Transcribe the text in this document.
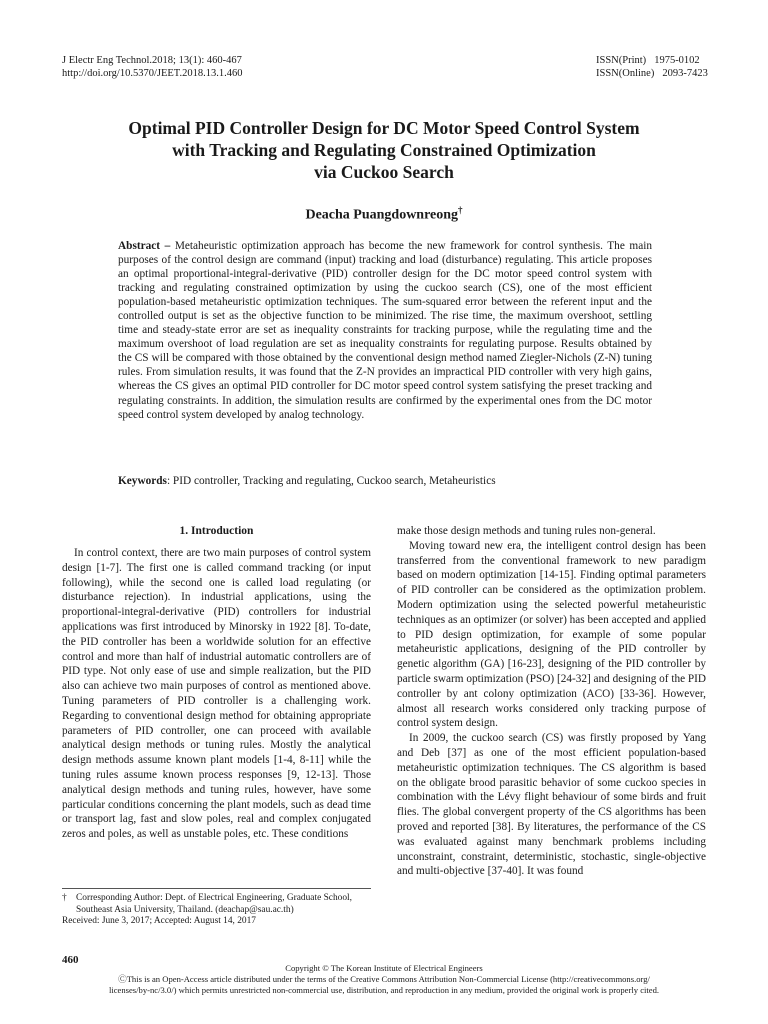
J Electr Eng Technol.2018; 13(1): 460-467
http://doi.org/10.5370/JEET.2018.13.1.460
ISSN(Print) 1975-0102
ISSN(Online) 2093-7423
Optimal PID Controller Design for DC Motor Speed Control System
with Tracking and Regulating Constrained Optimization
via Cuckoo Search
Deacha Puangdownreong†

Abstract – Metaheuristic optimization approach has become the new framework for control synthesis. The main purposes of the control design are command (input) tracking and load (disturbance) regulating. This article proposes an optimal proportional-integral-derivative (PID) controller design for the DC motor speed control system with tracking and regulating constrained optimization by using the cuckoo search (CS), one of the most efficient population-based metaheuristic optimization techniques. The sum-squared error between the referent input and the controlled output is set as the objective function to be minimized. The rise time, the maximum overshoot, settling time and steady-state error are set as inequality constraints for tracking purpose, while the regulating time and the maximum overshoot of load regulation are set as inequality constraints for regulating purpose. Results obtained by the CS will be compared with those obtained by the conventional design method named Ziegler-Nichols (Z-N) tuning rules. From simulation results, it was found that the Z-N provides an impractical PID controller with very high gains, whereas the CS gives an optimal PID controller for DC motor speed control system satisfying the preset tracking and regulating constraints. In addition, the simulation results are confirmed by the experimental ones from the DC motor speed control system developed by analog technology.

Keywords: PID controller, Tracking and regulating, Cuckoo search, Metaheuristics
1. Introduction

In control context, there are two main purposes of control system design [1-7]. The first one is called command tracking (or input following), while the second one is called load regulating (or disturbance rejection). In industrial applications, using the proportional-integral-derivative (PID) controllers for industrial applications was first introduced by Minorsky in 1922 [8]. To-date, the PID controller has been a worldwide solution for an effective control and more than half of industrial automatic controllers are of PID type. Not only ease of use and simple realization, but the PID also can achieve two main purposes of control as mentioned above. Tuning parameters of PID controller is a challenging work. Regarding to conventional design method for obtaining appropriate parameters of PID controller, one can proceed with available analytical design methods or tuning rules. Mostly the analytical design methods assume known plant models [1-4, 8-11] while the tuning rules assume known process responses [9, 12-13]. Those analytical design methods and tuning rules, however, have some particular conditions concerning the plant models, such as dead time or transport lag, fast and slow poles, real and complex conjugated zeros and poles, as well as unstable poles, etc. These conditions

make those design methods and tuning rules non-general.

Moving toward new era, the intelligent control design has been transferred from the conventional framework to new paradigm based on modern optimization [14-15]. Finding optimal parameters of PID controller can be considered as the optimization problem. Modern optimization using the selected powerful metaheuristic techniques as an optimizer (or solver) has been accepted and applied to PID design optimization, for example of some popular metaheuristic applications, designing of the PID controller by genetic algorithm (GA) [16-23], designing of the PID controller by particle swarm optimization (PSO) [24-32] and designing of the PID controller by ant colony optimization (ACO) [33-36]. However, almost all research works considered only tracking purpose of control system design.

In 2009, the cuckoo search (CS) was firstly proposed by Yang and Deb [37] as one of the most efficient population-based metaheuristic optimization techniques. The CS algorithm is based on the obligate brood parasitic behavior of some cuckoo species in combination with the Lévy flight behaviour of some birds and fruit flies. The global convergent property of the CS algorithms has been proved and reported [38]. By literatures, the performance of the CS was evaluated against many benchmark problems including unconstraint, constraint, deterministic, stochastic, single-objective and multi-objective [37-40]. It was found

† Corresponding Author: Dept. of Electrical Engineering, Graduate School, Southeast Asia University, Thailand. (deachap@sau.ac.th)
Received: June 3, 2017; Accepted: August 14, 2017
460
Copyright © The Korean Institute of Electrical Engineers
ⒸThis is an Open-Access article distributed under the terms of the Creative Commons Attribution Non-Commercial License (http://creativecommons.org/
licenses/by-nc/3.0/) which permits unrestricted non-commercial use, distribution, and reproduction in any medium, provided the original work is properly cited.
